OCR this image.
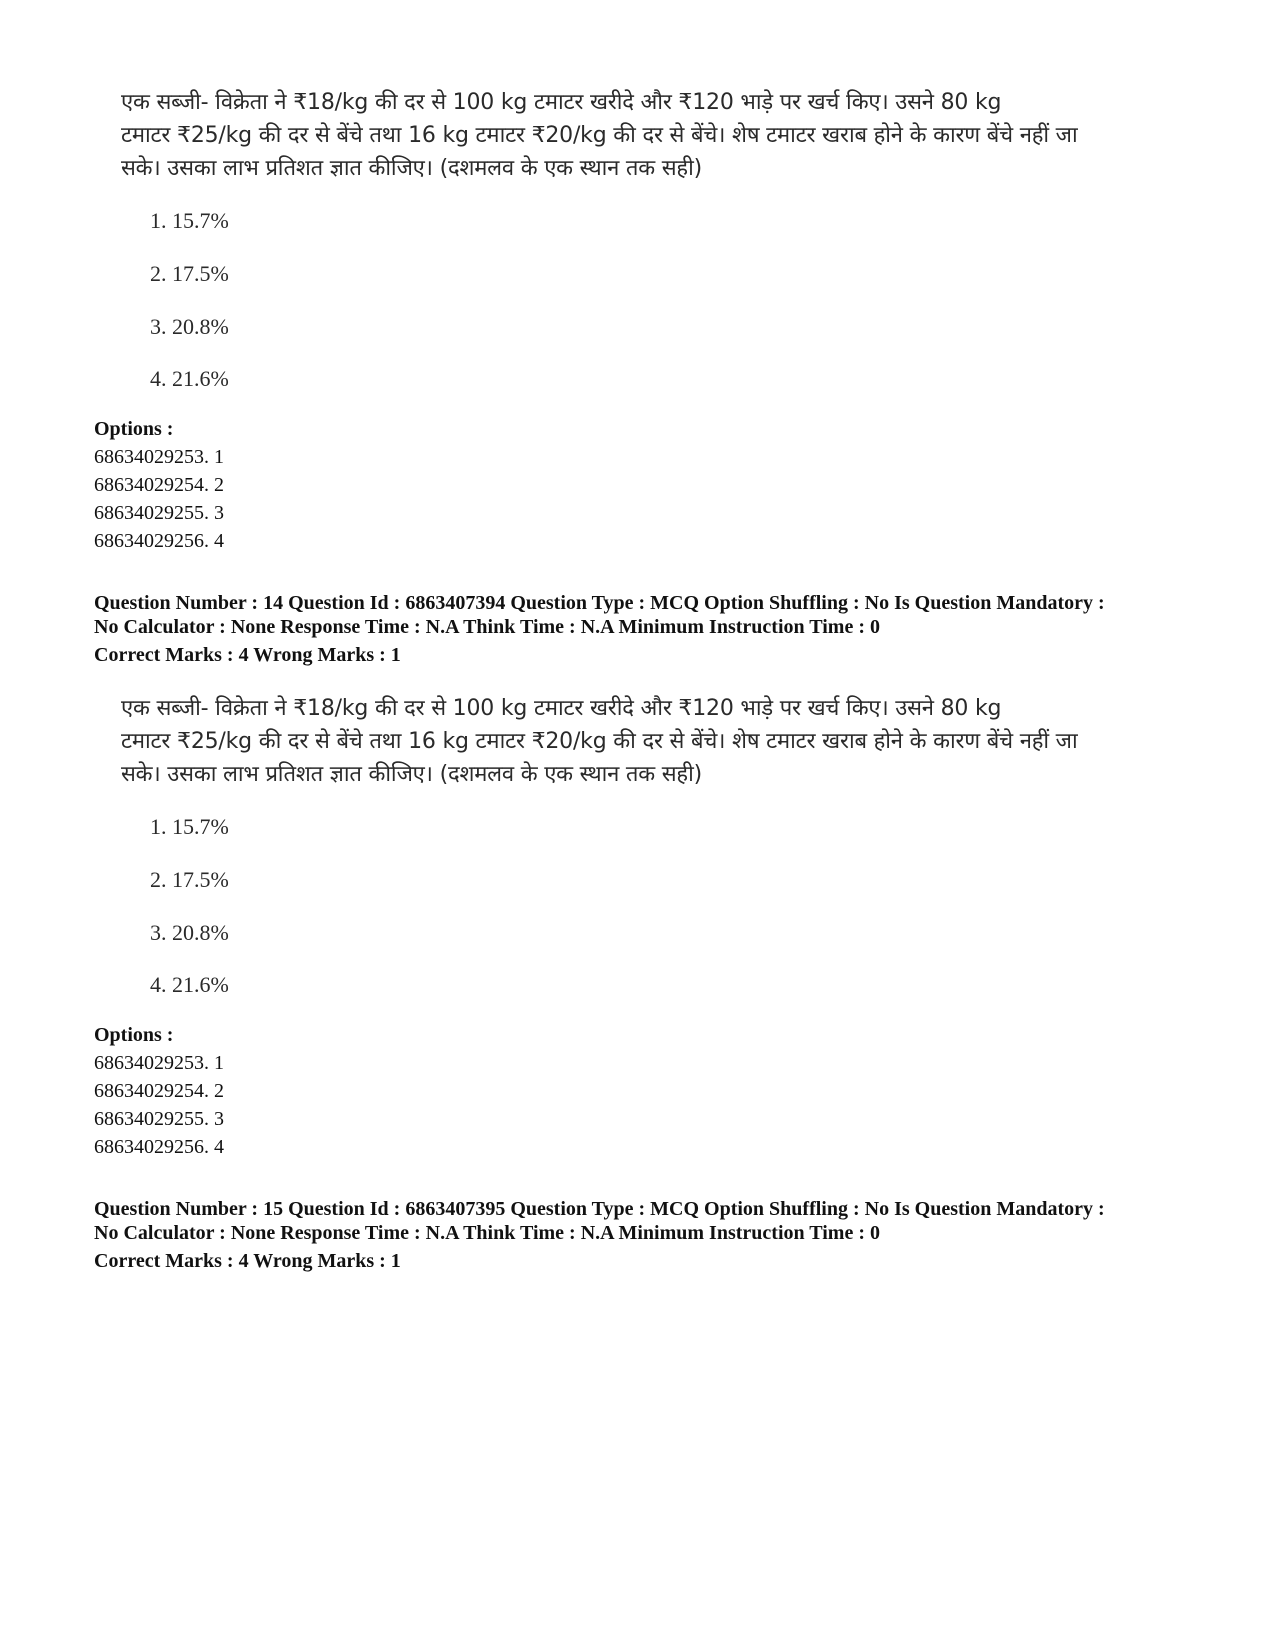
एक सब्जी- विक्रेता ने ₹18/kg की दर से 100 kg टमाटर खरीदे और ₹120 भाड़े पर खर्च किए। उसने 80 kg
टमाटर ₹25/kg की दर से बेंचे तथा 16 kg टमाटर ₹20/kg की दर से बेंचे। शेष टमाटर खराब होने के कारण बेंचे नहीं जा
सके। उसका लाभ प्रतिशत ज्ञात कीजिए। (दशमलव के एक स्थान तक सही)
1. 15.7%
2. 17.5%
3. 20.8%
4. 21.6%
Options :
68634029253. 1
68634029254. 2
68634029255. 3
68634029256. 4
Question Number : 14 Question Id : 6863407394 Question Type : MCQ Option Shuffling : No Is Question Mandatory :
No Calculator : None Response Time : N.A Think Time : N.A Minimum Instruction Time : 0
Correct Marks : 4 Wrong Marks : 1
एक सब्जी- विक्रेता ने ₹18/kg की दर से 100 kg टमाटर खरीदे और ₹120 भाड़े पर खर्च किए। उसने 80 kg
टमाटर ₹25/kg की दर से बेंचे तथा 16 kg टमाटर ₹20/kg की दर से बेंचे। शेष टमाटर खराब होने के कारण बेंचे नहीं जा
सके। उसका लाभ प्रतिशत ज्ञात कीजिए। (दशमलव के एक स्थान तक सही)
1. 15.7%
2. 17.5%
3. 20.8%
4. 21.6%
Options :
68634029253. 1
68634029254. 2
68634029255. 3
68634029256. 4
Question Number : 15 Question Id : 6863407395 Question Type : MCQ Option Shuffling : No Is Question Mandatory :
No Calculator : None Response Time : N.A Think Time : N.A Minimum Instruction Time : 0
Correct Marks : 4 Wrong Marks : 1
